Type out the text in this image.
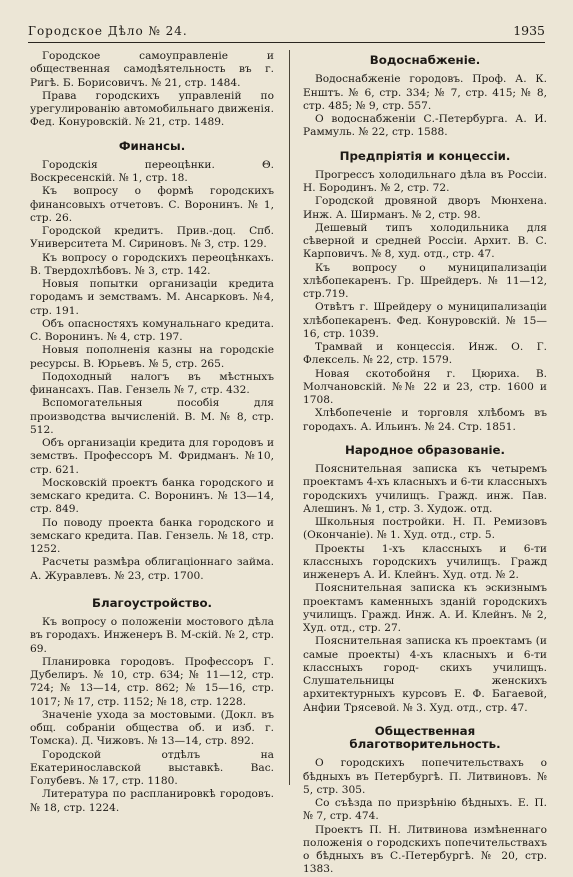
Городское Дѣло № 24.	1935

Городское самоуправленіе и общественная самодѣятельность въ г. Ригѣ. Б. Борисовичъ. № 21, стр. 1484.

Права городскихъ управленій по урегулированію автомобильнаго движенія. Фед. Конуровскій. № 21, стр. 1489.

Финансы.

Городскія переоцѣнки. Θ. Воскресенскій. № 1, стр. 18.

Къ вопросу о формѣ городскихъ финансовыхъ отчетовъ. С. Воронинъ. № 1, стр. 26.

Городской кредитъ. Прив.-доц. Спб. Университета М. Сириновъ. № 3, стр. 129.

Къ вопросу о городскихъ переоцѣнкахъ. В. Твердохлѣбовъ. № 3, стр. 142.

Новыя попытки организаціи кредита городамъ и земствамъ. М. Ансарковъ. №4, стр. 191.

Объ опасностяхъ комунальнаго кредита. С. Воронинъ. № 4, стр. 197.

Новыя пополненія казны на городскіе ресурсы. В. Юрьевъ. № 5, стр. 265.

Подоходный налогъ въ мѣстныхъ финансахъ. Пав. Гензель № 7, стр. 432.

Вспомогательныя пособія для производства вычисленій. В. М. № 8, стр. 512.

Объ организаціи кредита для городовъ и земствъ. Профессоръ М. Фридманъ. №10, стр. 621.

Московскій проектъ банка городского и земскаго кредита. С. Воронинъ. № 13—14, стр. 849.

По поводу проекта банка городского и земскаго кредита. Пав. Гензель. № 18, стр. 1252.

Расчеты размѣра облигаціоннаго займа. А. Журавлевъ. № 23, стр. 1700.

Благоустройство.

Къ вопросу о положеніи мостового дѣла въ городахъ. Инженеръ В. М-скій. № 2, стр. 69.

Планировка городовъ. Профессоръ Г. Дубелиръ. № 10, стр. 634; № 11—12, стр. 724; № 13—14, стр. 862; № 15—16, стр. 1017; № 17, стр. 1152; № 18, стр. 1228.

Значеніе ухода за мостовыми. (Докл. въ общ. собраніи общества об. и изб. г. Томска). Д. Чижовъ. № 13—14, стр. 892.

Городской отдѣлъ на Екатеринославской выставкѣ. Вас. Голубевъ. № 17, стр. 1180.

Литература по распланировкѣ городовъ. № 18, стр. 1224.

Водоснабженіе.

Водоснабженіе городовъ. Проф. А. К. Енштъ. № 6, стр. 334; № 7, стр. 415; № 8, стр. 485; № 9, стр. 557.

О водоснабженіи С.-Петербурга. А. И. Раммуль. № 22, стр. 1588.

Предпріятія и концессіи.

Прогрессъ холодильнаго дѣла въ Россіи. Н. Бородинъ. № 2, стр. 72.

Городской дровяной дворъ Мюнхена. Инж. А. Ширманъ. № 2, стр. 98.

Дешевый типъ холодильника для сѣверной и средней Россіи. Архит. В. С. Карповичъ. № 8, худ. отд., стр. 47.

Къ вопросу о муниципализаціи хлѣбопекаренъ. Гр. Шрейдеръ. № 11—12, стр.719.

Отвѣтъ г. Шрейдеру о муниципализаціи хлѣбопекаренъ. Фед. Конуровскій. № 15—16, стр. 1039.

Трамвай и концессія. Инж. О. Г. Флексель. № 22, стр. 1579.

Новая скотобойня г. Цюриха. В. Молчановскій. №№ 22 и 23, стр. 1600 и 1708.

Хлѣбопеченіе и торговля хлѣбомъ въ городахъ. А. Ильинъ. № 24. Стр. 1851.

Народное образованіе.

Пояснительная записка къ четыремъ проектамъ 4-хъ класныхъ и 6-ти классныхъ городскихъ училищъ. Гражд. инж. Пав. Алешинъ. № 1, стр. 3. Худож. отд.

Школьныя постройки. Н. П. Ремизовъ (Окончаніе). № 1. Худ. отд., стр. 5.

Проекты 1-хъ классныхъ и 6-ти классныхъ городскихъ училищъ. Гражд инженеръ А. И. Клейнъ. Худ. отд. № 2.

Пояснительная записка къ эскизнымъ проектамъ каменныхъ зданій городскихъ училищъ. Гражд. Инж. А. И. Клейнъ. № 2, Худ. отд., стр. 27.

Пояснительная записка къ проектамъ (и самые проекты) 4-хъ класныхъ и 6-ти классныхъ город- скихъ училищъ. Слушательницы женскихъ архитектурныхъ курсовъ Е. Ф. Багаевой, Анфии Трясевой. № 3. Худ. отд., стр. 47.

Общественная благотворительность.

О городскихъ попечительствахъ о бѣдныхъ въ Петербургѣ. П. Литвиновъ. № 5, стр. 305.

Со съѣзда по призрѣнію бѣдныхъ. Е. П. № 7, стр. 474.

Проектъ П. Н. Литвинова измѣненнаго положенія о городскихъ попечительствахъ о бѣдныхъ въ С.-Петербургѣ. № 20, стр. 1383.
